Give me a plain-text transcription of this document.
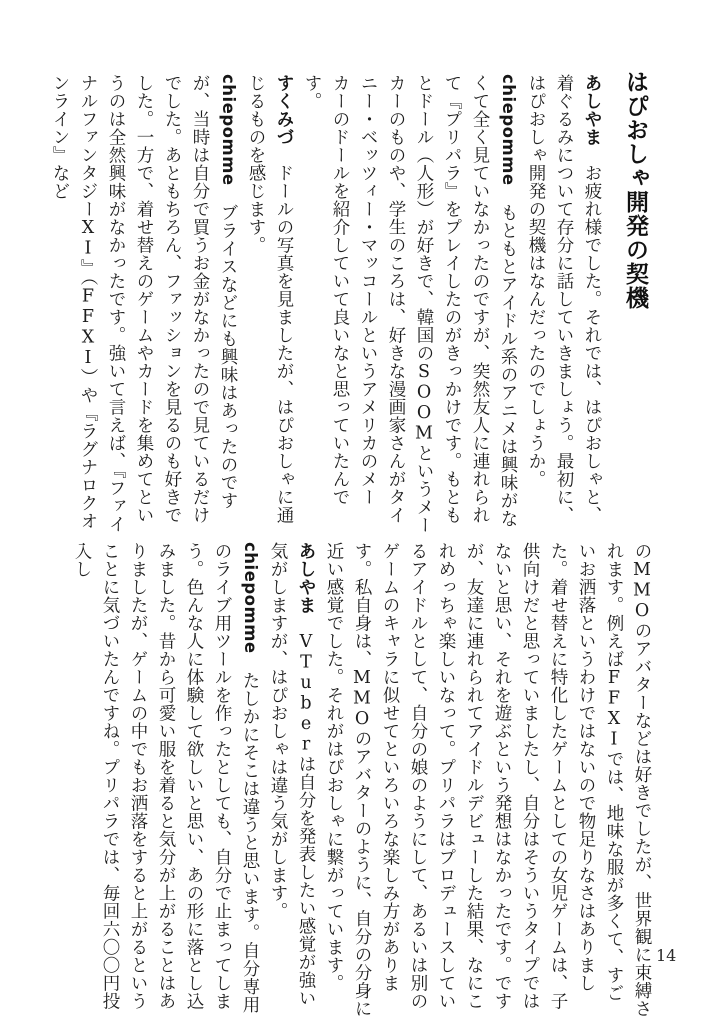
はぴおしゃ開発の契機

あしやま　お疲れ様でした。それでは、はぴおしゃと、着ぐるみについて存分に話していきましょう。最初に、はぴおしゃ開発の契機はなんだったのでしょうか。

chiepomme　もともとアイドル系のアニメは興味がなくて全く見ていなかったのですが、突然友人に連れられて『プリパラ』をプレイしたのがきっかけです。もともとドール（人形）が好きで、韓国のSOOMというメーカーのものや、学生のころは、好きな漫画家さんがタイニー・ベッツィー・マッコールというアメリカのメーカーのドールを紹介していて良いなと思っていたんです。

すくみづ　ドールの写真を見ましたが、はぴおしゃに通じるものを感じます。

chiepomme　ブライスなどにも興味はあったのですが、当時は自分で買うお金がなかったので見ているだけでした。あともちろん、ファッションを見るのも好きでした。一方で、着せ替えのゲームやカードを集めてというのは全然興味がなかったです。強いて言えば、『ファイナルファンタジーXI』（FFXI）や『ラグナロクオンライン』など

のMMOのアバターなどは好きでしたが、世界観に束縛されます。例えばFFXIでは、地味な服が多くて、すごいお洒落というわけではないので物足りなさはありました。着せ替えに特化したゲームとしての女児ゲームは、子供向けだと思っていましたし、自分はそういうタイプではないと思い、それを遊ぶという発想はなかったです。ですが、友達に連れられてアイドルデビューした結果、なにこれめっちゃ楽しいなって。プリパラはプロデュースしているアイドルとして、自分の娘のようにして、あるいは別のゲームのキャラに似せてといろいろな楽しみ方があります。私自身は、MMOのアバターのように、自分の分身に近い感覚でした。それがはぴおしゃに繋がっています。

あしやま　VTuberは自分を発表したい感覚が強い気がしますが、はぴおしゃは違う気がします。

chiepomme　たしかにそこは違うと思います。自分専用のライブ用ツールを作ったとしても、自分で止まってしまう。色んな人に体験して欲しいと思い、あの形に落とし込みました。昔から可愛い服を着ると気分が上がることはありましたが、ゲームの中でもお洒落をすると上がるということに気づいたんですね。プリパラでは、毎回六〇〇円投入し

14
